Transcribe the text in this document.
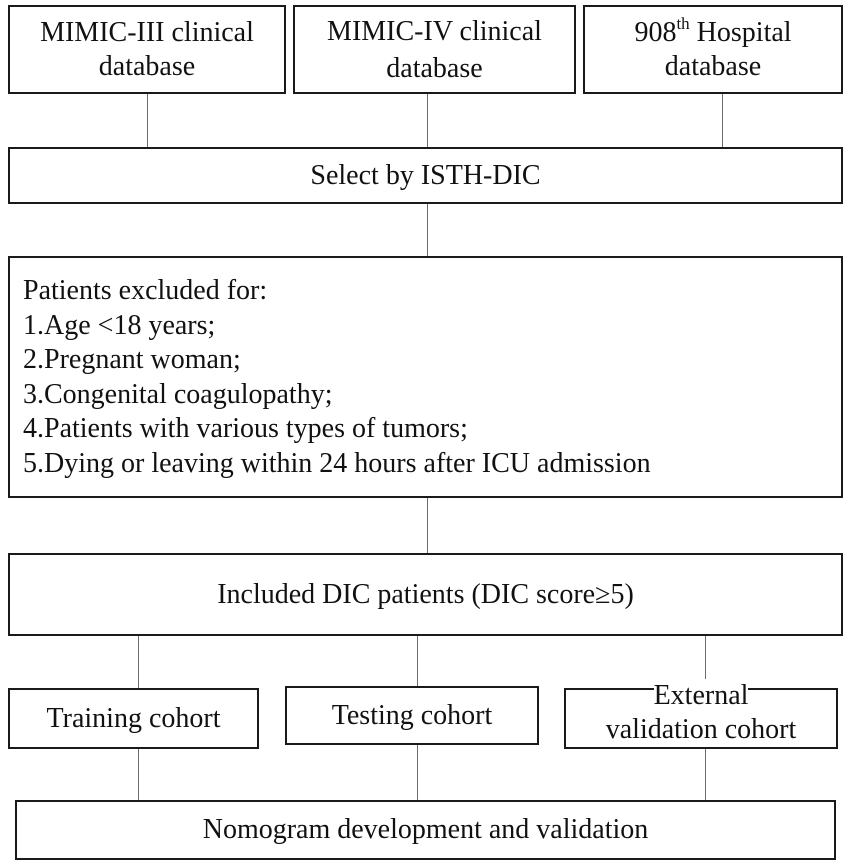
MIMIC-III clinical
database
MIMIC-IV clinical
database
908th Hospital
database
Select by ISTH-DIC
Patients excluded for:
1.Age <18 years;
2.Pregnant woman;
3.Congenital coagulopathy;
4.Patients with various types of tumors;
5.Dying or leaving within 24 hours after ICU admission
Included DIC patients (DIC score≥5)
Training cohort	Testing cohort
External
validation cohort
Nomogram development and validation
